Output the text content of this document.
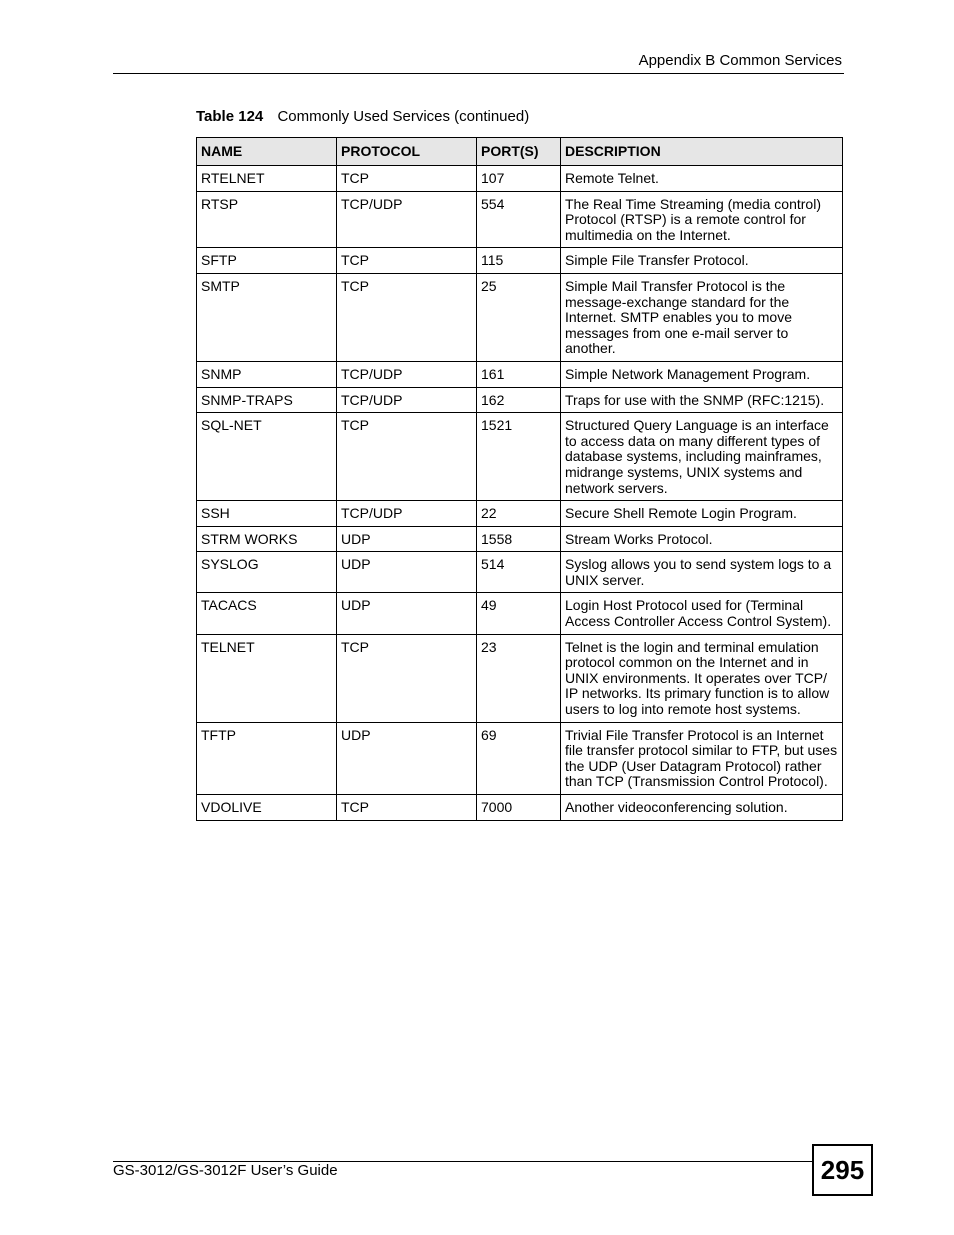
Appendix B Common Services
Table 124 Commonly Used Services (continued)
NAME	PROTOCOL	PORT(S)	DESCRIPTION
RTELNET	TCP	107	Remote Telnet.
RTSP	TCP/UDP	554	The Real Time Streaming (media control) Protocol (RTSP) is a remote control for multimedia on the Internet.
SFTP	TCP	115	Simple File Transfer Protocol.
SMTP	TCP	25	Simple Mail Transfer Protocol is the message-exchange standard for the Internet. SMTP enables you to move messages from one e-mail server to another.
SNMP	TCP/UDP	161	Simple Network Management Program.
SNMP-TRAPS	TCP/UDP	162	Traps for use with the SNMP (RFC:1215).
SQL-NET	TCP	1521	Structured Query Language is an interface to access data on many different types of database systems, including mainframes, midrange systems, UNIX systems and network servers.
SSH	TCP/UDP	22	Secure Shell Remote Login Program.
STRM WORKS	UDP	1558	Stream Works Protocol.
SYSLOG	UDP	514	Syslog allows you to send system logs to a UNIX server.
TACACS	UDP	49	Login Host Protocol used for (Terminal Access Controller Access Control System).
TELNET	TCP	23	Telnet is the login and terminal emulation protocol common on the Internet and in UNIX environments. It operates over TCP/ IP networks. Its primary function is to allow users to log into remote host systems.
TFTP	UDP	69	Trivial File Transfer Protocol is an Internet file transfer protocol similar to FTP, but uses the UDP (User Datagram Protocol) rather than TCP (Transmission Control Protocol).
VDOLIVE	TCP	7000	Another videoconferencing solution.
GS-3012/GS-3012F User’s Guide	295
